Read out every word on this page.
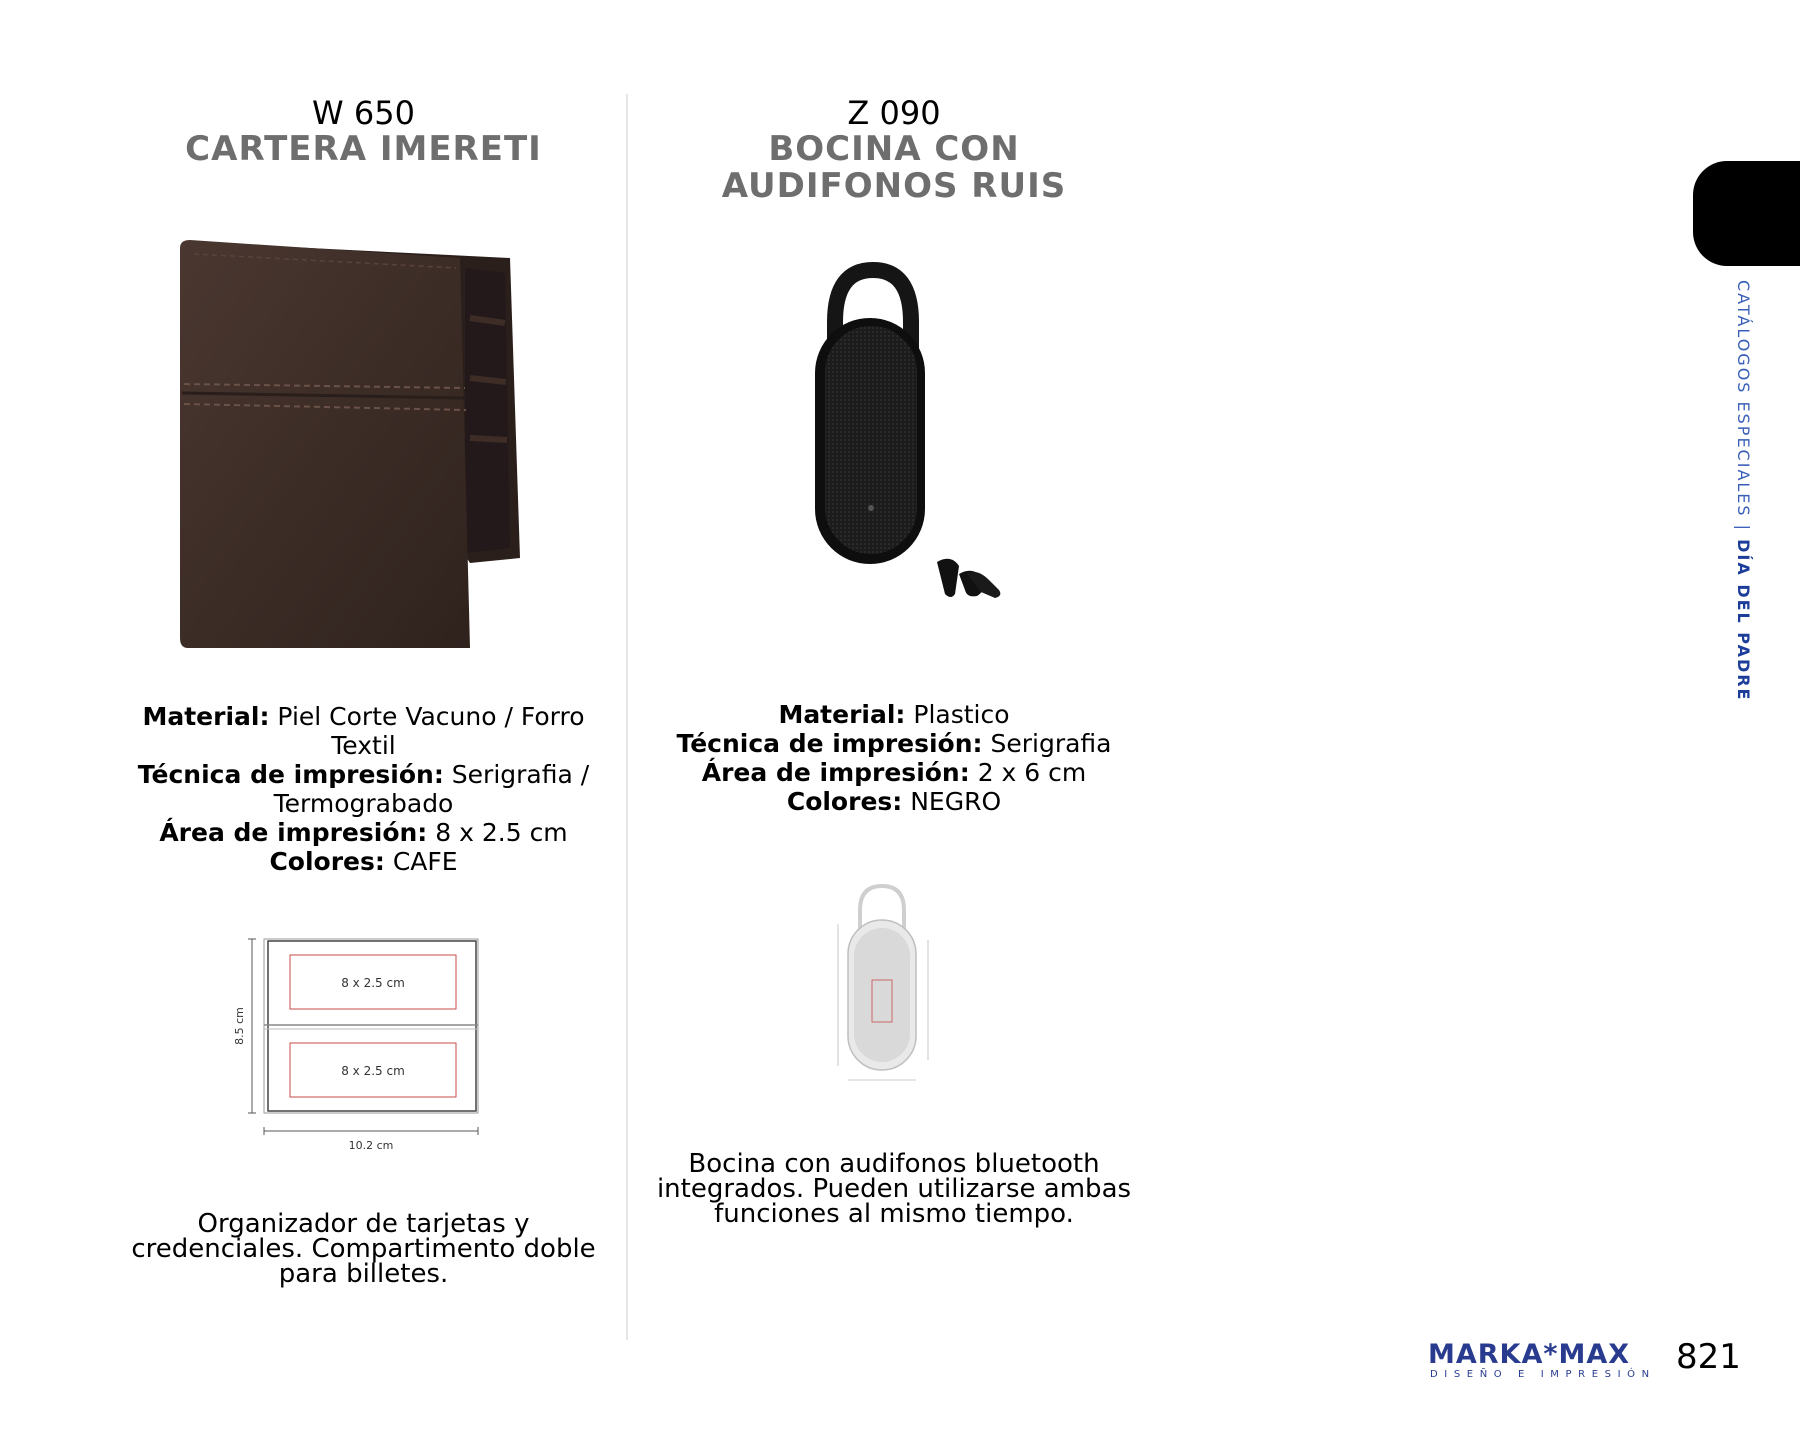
W 650
CARTERA IMERETI
Material: Piel Corte Vacuno / Forro
Textil
Técnica de impresión: Serigrafia /
Termograbado
Área de impresión: 8 x 2.5 cm
Colores: CAFE
8.5 cm
8 x 2.5 cm
8 x 2.5 cm
10.2 cm
Organizador de tarjetas y
credenciales. Compartimento doble
para billetes.
Z 090
BOCINA CON
AUDIFONOS RUIS
Material: Plastico
Técnica de impresión: Serigrafia
Área de impresión: 2 x 6 cm
Colores: NEGRO
Bocina con audifonos bluetooth
integrados. Pueden utilizarse ambas
funciones al mismo tiempo.
CATÁLOGOS ESPECIALES | DÍA DEL PADRE
MARKA*MAX
DISEÑO E IMPRESIÓN 821
